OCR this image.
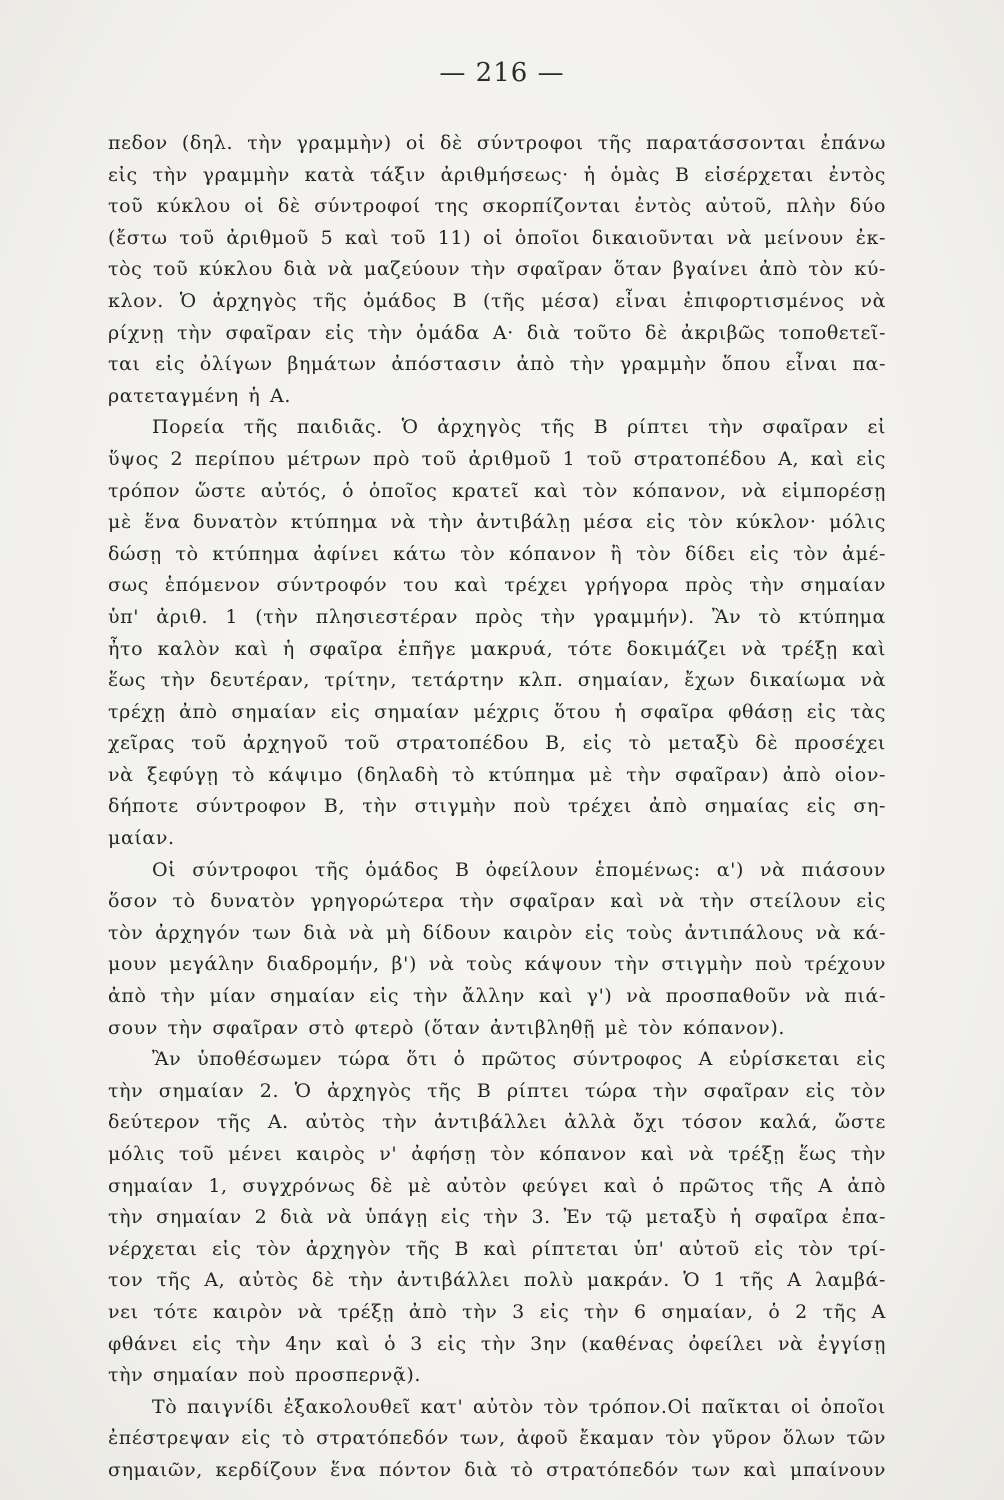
— 216 —
πεδον (δηλ. τὴν γραμμὴν) οἱ δὲ σύντροφοι τῆς παρατάσσονται ἐπάνω
εἰς τὴν γραμμὴν κατὰ τάξιν ἀριθμήσεως· ἡ ὁμὰς Β εἰσέρχεται ἐντὸς
τοῦ κύκλου οἱ δὲ σύντροφοί της σκορπίζονται ἐντὸς αὐτοῦ, πλὴν δύο
(ἔστω τοῦ ἀριθμοῦ 5 καὶ τοῦ 11) οἱ ὁποῖοι δικαιοῦνται νὰ μείνουν ἐκ-
τὸς τοῦ κύκλου διὰ νὰ μαζεύουν τὴν σφαῖραν ὅταν βγαίνει ἀπὸ τὸν κύ-
κλον. Ὁ ἀρχηγὸς τῆς ὁμάδος Β (τῆς μέσα) εἶναι ἐπιφορτισμένος νὰ
ρίχνῃ τὴν σφαῖραν εἰς τὴν ὁμάδα Α· διὰ τοῦτο δὲ ἀκριβῶς τοποθετεῖ-
ται εἰς ὀλίγων βημάτων ἀπόστασιν ἀπὸ τὴν γραμμὴν ὅπου εἶναι πα-
ρατεταγμένη ἡ Α.
Πορεία τῆς παιδιᾶς. Ὁ ἀρχηγὸς τῆς Β ρίπτει τὴν σφαῖραν εἰ
ὕψος 2 περίπου μέτρων πρὸ τοῦ ἀριθμοῦ 1 τοῦ στρατοπέδου Α, καὶ εἰς
τρόπον ὥστε αὐτός, ὁ ὁποῖος κρατεῖ καὶ τὸν κόπανον, νὰ εἱμπορέσῃ
μὲ ἕνα δυνατὸν κτύπημα νὰ τὴν ἀντιβάλῃ μέσα εἰς τὸν κύκλον· μόλις
δώσῃ τὸ κτύπημα ἀφίνει κάτω τὸν κόπανον ἢ τὸν δίδει εἰς τὸν ἀμέ-
σως ἑπόμενον σύντροφόν του καὶ τρέχει γρήγορα πρὸς τὴν σημαίαν
ὑπ' ἀριθ. 1 (τὴν πλησιεστέραν πρὸς τὴν γραμμήν). Ἂν τὸ κτύπημα
ἦτο καλὸν καὶ ἡ σφαῖρα ἐπῆγε μακρυά, τότε δοκιμάζει νὰ τρέξῃ καὶ
ἕως τὴν δευτέραν, τρίτην, τετάρτην κλπ. σημαίαν, ἔχων δικαίωμα νὰ
τρέχῃ ἀπὸ σημαίαν εἰς σημαίαν μέχρις ὅτου ἡ σφαῖρα φθάσῃ εἰς τὰς
χεῖρας τοῦ ἀρχηγοῦ τοῦ στρατοπέδου Β, εἰς τὸ μεταξὺ δὲ προσέχει
νὰ ξεφύγῃ τὸ κάψιμο (δηλαδὴ τὸ κτύπημα μὲ τὴν σφαῖραν) ἀπὸ οἱον-
δήποτε σύντροφον Β, τὴν στιγμὴν ποὺ τρέχει ἀπὸ σημαίας εἰς ση-
μαίαν.
Οἱ σύντροφοι τῆς ὁμάδος Β ὀφείλουν ἑπομένως: α') νὰ πιάσουν
ὅσον τὸ δυνατὸν γρηγορώτερα τὴν σφαῖραν καὶ νὰ τὴν στείλουν εἰς
τὸν ἀρχηγόν των διὰ νὰ μὴ δίδουν καιρὸν εἰς τοὺς ἀντιπάλους νὰ κά-
μουν μεγάλην διαδρομήν, β') νὰ τοὺς κάψουν τὴν στιγμὴν ποὺ τρέχουν
ἀπὸ τὴν μίαν σημαίαν εἰς τὴν ἄλλην καὶ γ') νὰ προσπαθοῦν νὰ πιά-
σουν τὴν σφαῖραν στὸ φτερὸ (ὅταν ἀντιβληθῇ μὲ τὸν κόπανον).
Ἂν ὑποθέσωμεν τώρα ὅτι ὁ πρῶτος σύντροφος Α εὑρίσκεται εἰς
τὴν σημαίαν 2. Ὁ ἀρχηγὸς τῆς Β ρίπτει τώρα τὴν σφαῖραν εἰς τὸν
δεύτερον τῆς Α. αὐτὸς τὴν ἀντιβάλλει ἀλλὰ ὄχι τόσον καλά, ὥστε
μόλις τοῦ μένει καιρὸς ν' ἀφήσῃ τὸν κόπανον καὶ νὰ τρέξῃ ἕως τὴν
σημαίαν 1, συγχρόνως δὲ μὲ αὐτὸν φεύγει καὶ ὁ πρῶτος τῆς Α ἀπὸ
τὴν σημαίαν 2 διὰ νὰ ὑπάγῃ εἰς τὴν 3. Ἐν τῷ μεταξὺ ἡ σφαῖρα ἐπα-
νέρχεται εἰς τὸν ἀρχηγὸν τῆς Β καὶ ρίπτεται ὑπ' αὐτοῦ εἰς τὸν τρί-
τον τῆς Α, αὐτὸς δὲ τὴν ἀντιβάλλει πολὺ μακράν. Ὁ 1 τῆς Α λαμβά-
νει τότε καιρὸν νὰ τρέξῃ ἀπὸ τὴν 3 εἰς τὴν 6 σημαίαν, ὁ 2 τῆς Α
φθάνει εἰς τὴν 4ην καὶ ὁ 3 εἰς τὴν 3ην (καθένας ὀφείλει νὰ ἐγγίσῃ
τὴν σημαίαν ποὺ προσπερνᾷ).
Τὸ παιγνίδι ἐξακολουθεῖ κατ' αὐτὸν τὸν τρόπον.Οἱ παῖκται οἱ ὁποῖοι
ἐπέστρεψαν εἰς τὸ στρατόπεδόν των, ἀφοῦ ἔκαμαν τὸν γῦρον ὅλων τῶν
σημαιῶν, κερδίζουν ἕνα πόντον διὰ τὸ στρατόπεδόν των καὶ μπαίνουν
